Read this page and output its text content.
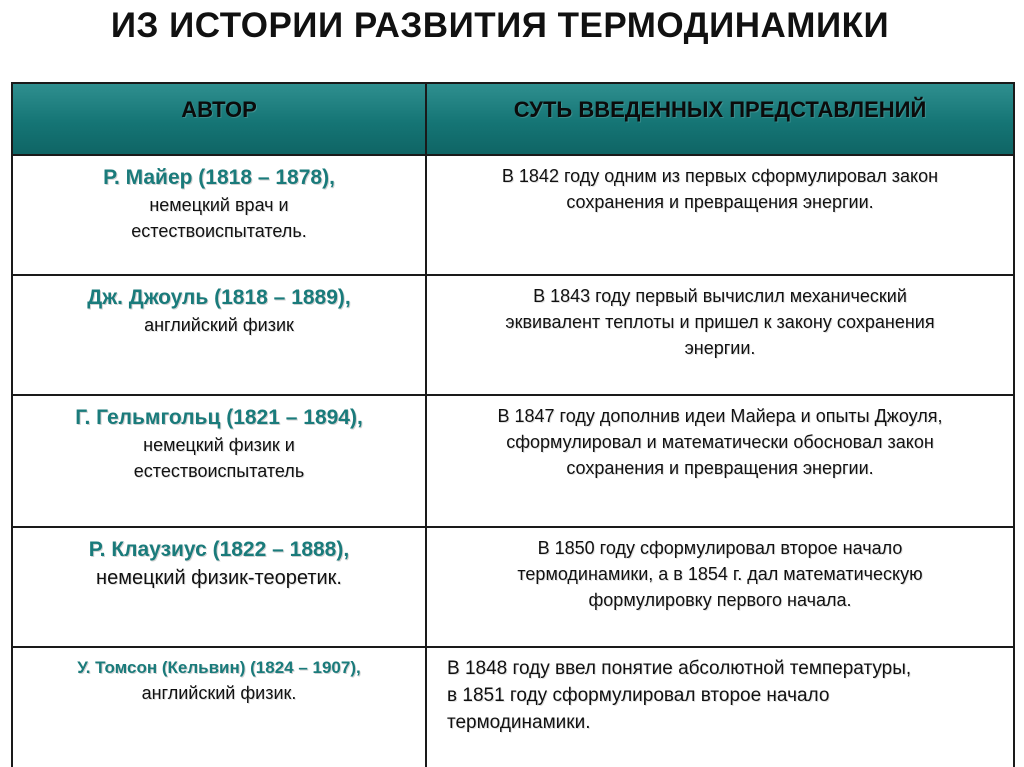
ИЗ ИСТОРИИ РАЗВИТИЯ ТЕРМОДИНАМИКИ
АВТОР	СУТЬ ВВЕДЕННЫХ ПРЕДСТАВЛЕНИЙ
Р. Майер (1818 – 1878),
немецкий врач и
естествоиспытатель.
В 1842 году одним из первых сформулировал закон
сохранения и превращения энергии.
Дж. Джоуль (1818 – 1889),
английский физик
В 1843 году первый вычислил механический
эквивалент теплоты и пришел к закону сохранения
энергии.
Г. Гельмгольц (1821 – 1894),
немецкий физик и
естествоиспытатель
В 1847 году дополнив идеи Майера и опыты Джоуля,
сформулировал и математически обосновал закон
сохранения и превращения энергии.
Р. Клаузиус (1822 – 1888),
немецкий физик-теоретик.
В 1850 году сформулировал второе начало
термодинамики, а в 1854 г. дал математическую
формулировку первого начала.
У. Томсон (Кельвин) (1824 – 1907),
английский физик.
В 1848 году ввел понятие абсолютной температуры,
в 1851 году сформулировал второе начало
термодинамики.
